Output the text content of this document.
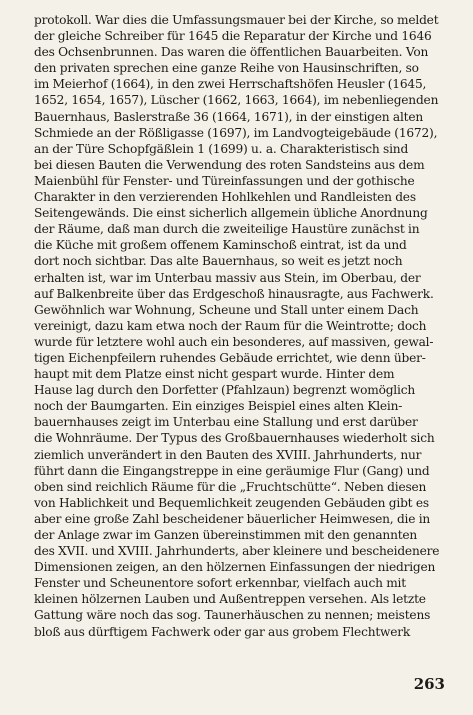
protokoll. War dies die Umfassungsmauer bei der Kirche, so meldet
der gleiche Schreiber für 1645 die Reparatur der Kirche und 1646
des Ochsenbrunnen. Das waren die öffentlichen Bauarbeiten. Von
den privaten sprechen eine ganze Reihe von Hausinschriften, so
im Meierhof (1664), in den zwei Herrschaftshöfen Heusler (1645,
1652, 1654, 1657), Lüscher (1662, 1663, 1664), im nebenliegenden
Bauernhaus, Baslerstraße 36 (1664, 1671), in der einstigen alten
Schmiede an der Rößligasse (1697), im Landvogteigebäude (1672),
an der Türe Schopfgäßlein 1 (1699) u. a. Charakteristisch sind
bei diesen Bauten die Verwendung des roten Sandsteins aus dem
Maienbühl für Fenster- und Türeinfassungen und der gothische
Charakter in den verzierenden Hohlkehlen und Randleisten des
Seitengewänds. Die einst sicherlich allgemein übliche Anordnung
der Räume, daß man durch die zweiteilige Haustüre zunächst in
die Küche mit großem offenem Kaminschoß eintrat, ist da und
dort noch sichtbar. Das alte Bauernhaus, so weit es jetzt noch
erhalten ist, war im Unterbau massiv aus Stein, im Oberbau, der
auf Balkenbreite über das Erdgeschoß hinausragte, aus Fachwerk.
Gewöhnlich war Wohnung, Scheune und Stall unter einem Dach
vereinigt, dazu kam etwa noch der Raum für die Weintrotte; doch
wurde für letztere wohl auch ein besonderes, auf massiven, gewal-
tigen Eichenpfeilern ruhendes Gebäude errichtet, wie denn über-
haupt mit dem Platze einst nicht gespart wurde. Hinter dem
Hause lag durch den Dorfetter (Pfahlzaun) begrenzt womöglich
noch der Baumgarten. Ein einziges Beispiel eines alten Klein-
bauernhauses zeigt im Unterbau eine Stallung und erst darüber
die Wohnräume. Der Typus des Großbauernhauses wiederholt sich
ziemlich unverändert in den Bauten des XVIII. Jahrhunderts, nur
führt dann die Eingangstreppe in eine geräumige Flur (Gang) und
oben sind reichlich Räume für die „Fruchtschütte“. Neben diesen
von Hablichkeit und Bequemlichkeit zeugenden Gebäuden gibt es
aber eine große Zahl bescheidener bäuerlicher Heimwesen, die in
der Anlage zwar im Ganzen übereinstimmen mit den genannten
des XVII. und XVIII. Jahrhunderts, aber kleinere und bescheidenere
Dimensionen zeigen, an den hölzernen Einfassungen der niedrigen
Fenster und Scheunentore sofort erkennbar, vielfach auch mit
kleinen hölzernen Lauben und Außentreppen versehen. Als letzte
Gattung wäre noch das sog. Taunerhäuschen zu nennen; meistens
bloß aus dürftigem Fachwerk oder gar aus grobem Flechtwerk
263
